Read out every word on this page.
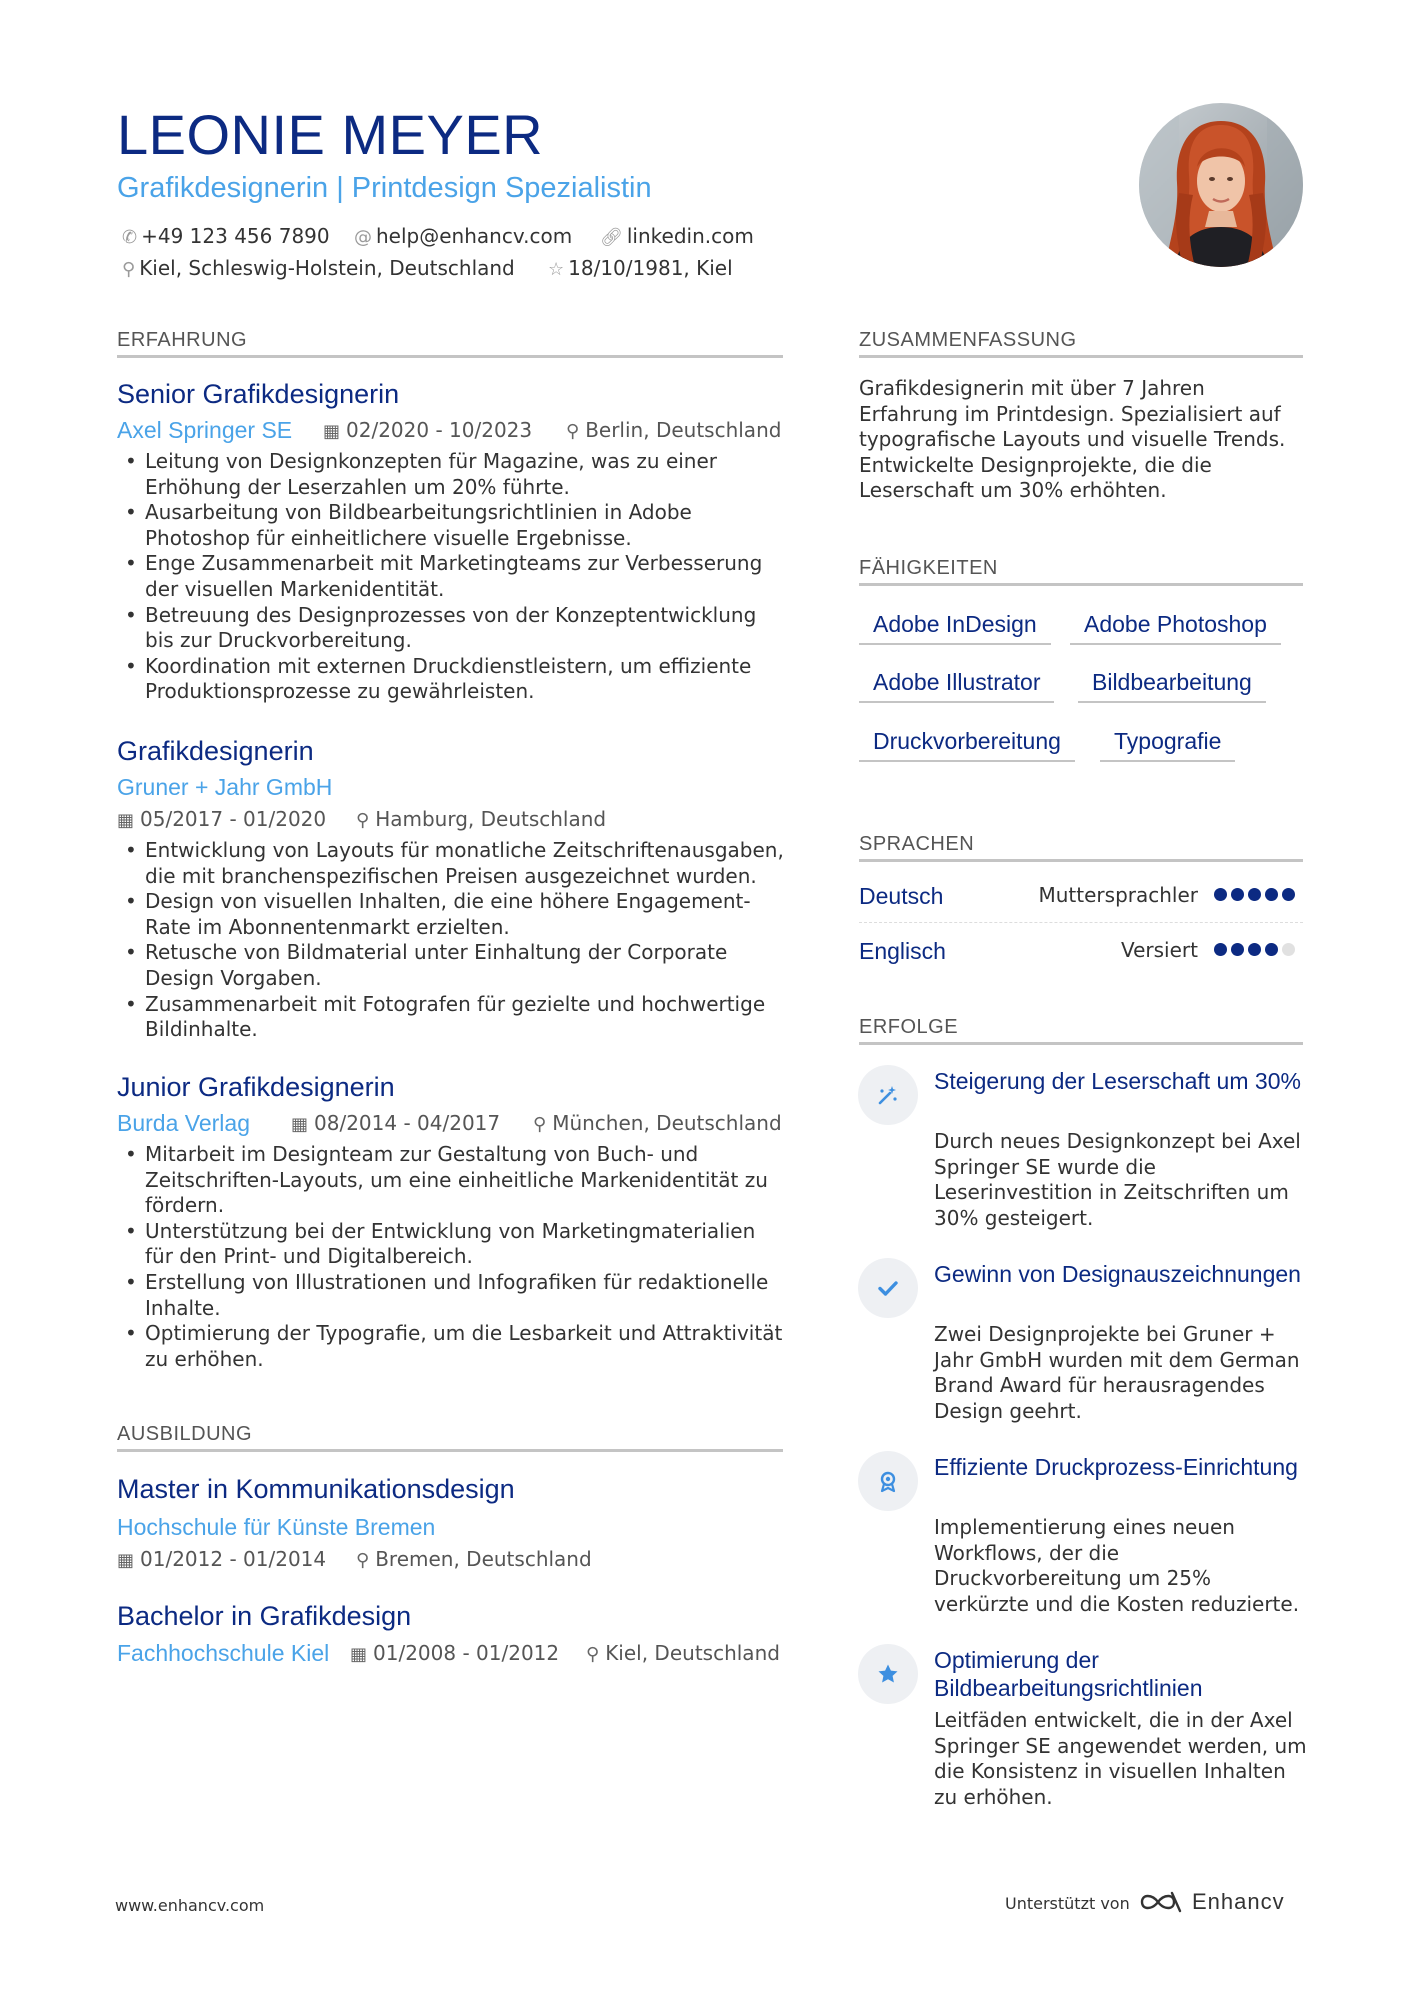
LEONIE MEYER
Grafikdesignerin | Printdesign Spezialistin
✆ +49 123 456 7890 @ help@enhancv.com 🔗︎ linkedin.com
⚲ Kiel, Schleswig-Holstein, Deutschland ☆ 18/10/1981, Kiel
ERFAHRUNG
Senior Grafikdesignerin
Axel Springer SE ▦ 02/2020 - 10/2023 ⚲ Berlin, Deutschland
• Leitung von Designkonzepten für Magazine, was zu einer Erhöhung der Leserzahlen um 20% führte.
• Ausarbeitung von Bildbearbeitungsrichtlinien in Adobe Photoshop für einheitlichere visuelle Ergebnisse.
• Enge Zusammenarbeit mit Marketingteams zur Verbesserung der visuellen Markenidentität.
• Betreuung des Designprozesses von der Konzeptentwicklung bis zur Druckvorbereitung.
• Koordination mit externen Druckdienstleistern, um effiziente Produktionsprozesse zu gewährleisten.
Grafikdesignerin
Gruner + Jahr GmbH
▦ 05/2017 - 01/2020 ⚲ Hamburg, Deutschland
• Entwicklung von Layouts für monatliche Zeitschriftenausgaben, die mit branchenspezifischen Preisen ausgezeichnet wurden.
• Design von visuellen Inhalten, die eine höhere Engagement-Rate im Abonnentenmarkt erzielten.
• Retusche von Bildmaterial unter Einhaltung der Corporate Design Vorgaben.
• Zusammenarbeit mit Fotografen für gezielte und hochwertige Bildinhalte.
Junior Grafikdesignerin
Burda Verlag ▦ 08/2014 - 04/2017 ⚲ München, Deutschland
• Mitarbeit im Designteam zur Gestaltung von Buch- und Zeitschriften-Layouts, um eine einheitliche Markenidentität zu fördern.
• Unterstützung bei der Entwicklung von Marketingmaterialien für den Print- und Digitalbereich.
• Erstellung von Illustrationen und Infografiken für redaktionelle Inhalte.
• Optimierung der Typografie, um die Lesbarkeit und Attraktivität zu erhöhen.
AUSBILDUNG
Master in Kommunikationsdesign
Hochschule für Künste Bremen
▦ 01/2012 - 01/2014 ⚲ Bremen, Deutschland
Bachelor in Grafikdesign
Fachhochschule Kiel ▦ 01/2008 - 01/2012 ⚲ Kiel, Deutschland
ZUSAMMENFASSUNG
Grafikdesignerin mit über 7 Jahren Erfahrung im Printdesign. Spezialisiert auf typografische Layouts und visuelle Trends. Entwickelte Designprojekte, die die Leserschaft um 30% erhöhten.
FÄHIGKEITEN
Adobe InDesign	Adobe Photoshop
Adobe Illustrator	Bildbearbeitung
Druckvorbereitung	Typografie
SPRACHEN
Deutsch	Muttersprachler
Englisch	Versiert
ERFOLGE
Steigerung der Leserschaft um 30%
Durch neues Designkonzept bei Axel Springer SE wurde die Leserinvestition in Zeitschriften um 30% gesteigert.
Gewinn von Designauszeichnungen
Zwei Designprojekte bei Gruner + Jahr GmbH wurden mit dem German Brand Award für herausragendes Design geehrt.
Effiziente Druckprozess-Einrichtung
Implementierung eines neuen Workflows, der die Druckvorbereitung um 25% verkürzte und die Kosten reduzierte.
Optimierung der Bildbearbeitungsrichtlinien
Leitfäden entwickelt, die in der Axel Springer SE angewendet werden, um die Konsistenz in visuellen Inhalten zu erhöhen.
www.enhancv.com	Unterstützt von	Enhancv
